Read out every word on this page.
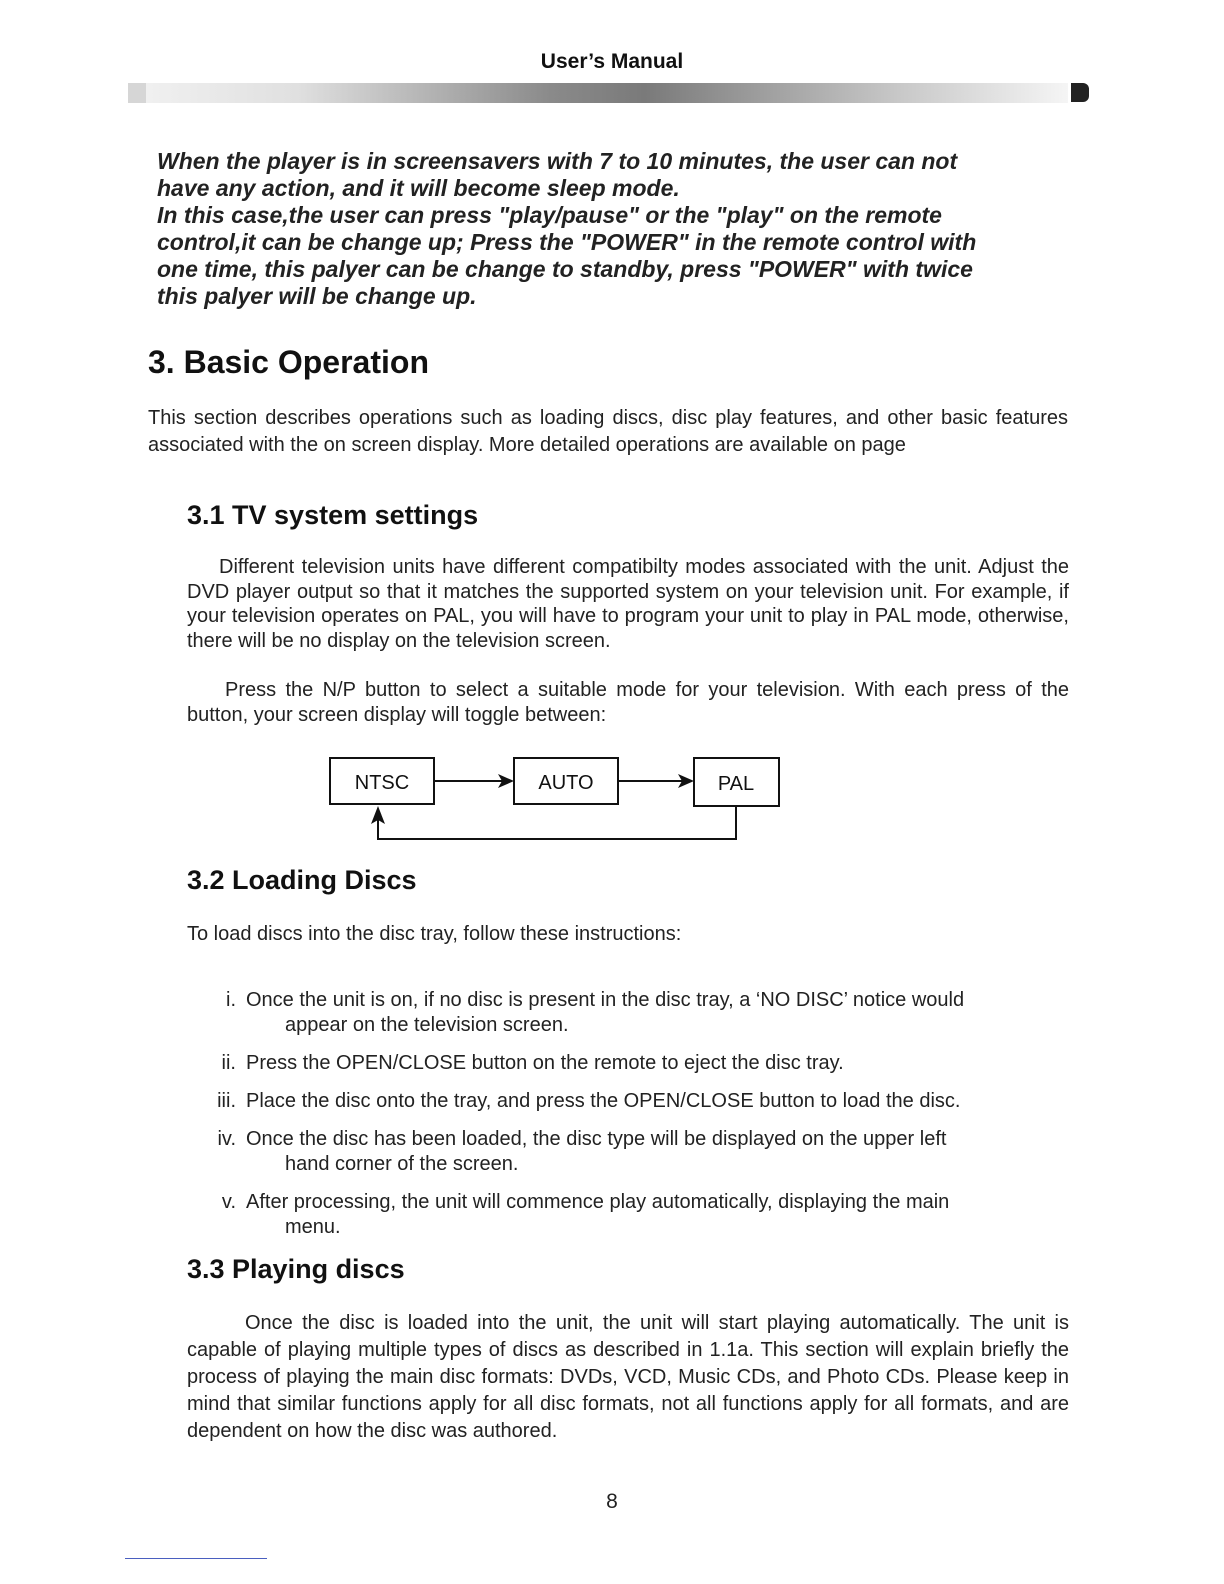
User’s Manual

When the player is in screensavers with 7 to 10 minutes, the user can not
have any action, and it will become sleep mode.
In this case,the user can press "play/pause" or the "play" on the remote
control,it can be change up; Press the "POWER" in the remote control with
one time, this palyer can be change to standby, press "POWER" with twice
this palyer will be change up.

3. Basic Operation

This section describes operations such as loading discs, disc play features, and other basic features associated with the on screen display. More detailed operations are available on page

3.1 TV system settings

Different television units have different compatibilty modes associated with the unit. Adjust the DVD player output so that it matches the supported system on your television unit. For example, if your television operates on PAL, you will have to program your unit to play in PAL mode, otherwise, there will be no display on the television screen.

Press the N/P button to select a suitable mode for your television. With each press of the button, your screen display will toggle between:

NTSC	AUTO	PAL
3.2 Loading Discs

To load discs into the disc tray, follow these instructions:

i. Once the unit is on, if no disc is present in the disc tray, a ‘NO DISC’ notice would
appear on the television screen.
ii. Press the OPEN/CLOSE button on the remote to eject the disc tray.
iii. Place the disc onto the tray, and press the OPEN/CLOSE button to load the disc.
iv. Once the disc has been loaded, the disc type will be displayed on the upper left
hand corner of the screen.
v. After processing, the unit will commence play automatically, displaying the main
menu.
3.3 Playing discs

Once the disc is loaded into the unit, the unit will start playing automatically. The unit is capable of playing multiple types of discs as described in 1.1a. This section will explain briefly the process of playing the main disc formats: DVDs, VCD, Music CDs, and Photo CDs. Please keep in mind that similar functions apply for all disc formats, not all functions apply for all formats, and are dependent on how the disc was authored.

8
